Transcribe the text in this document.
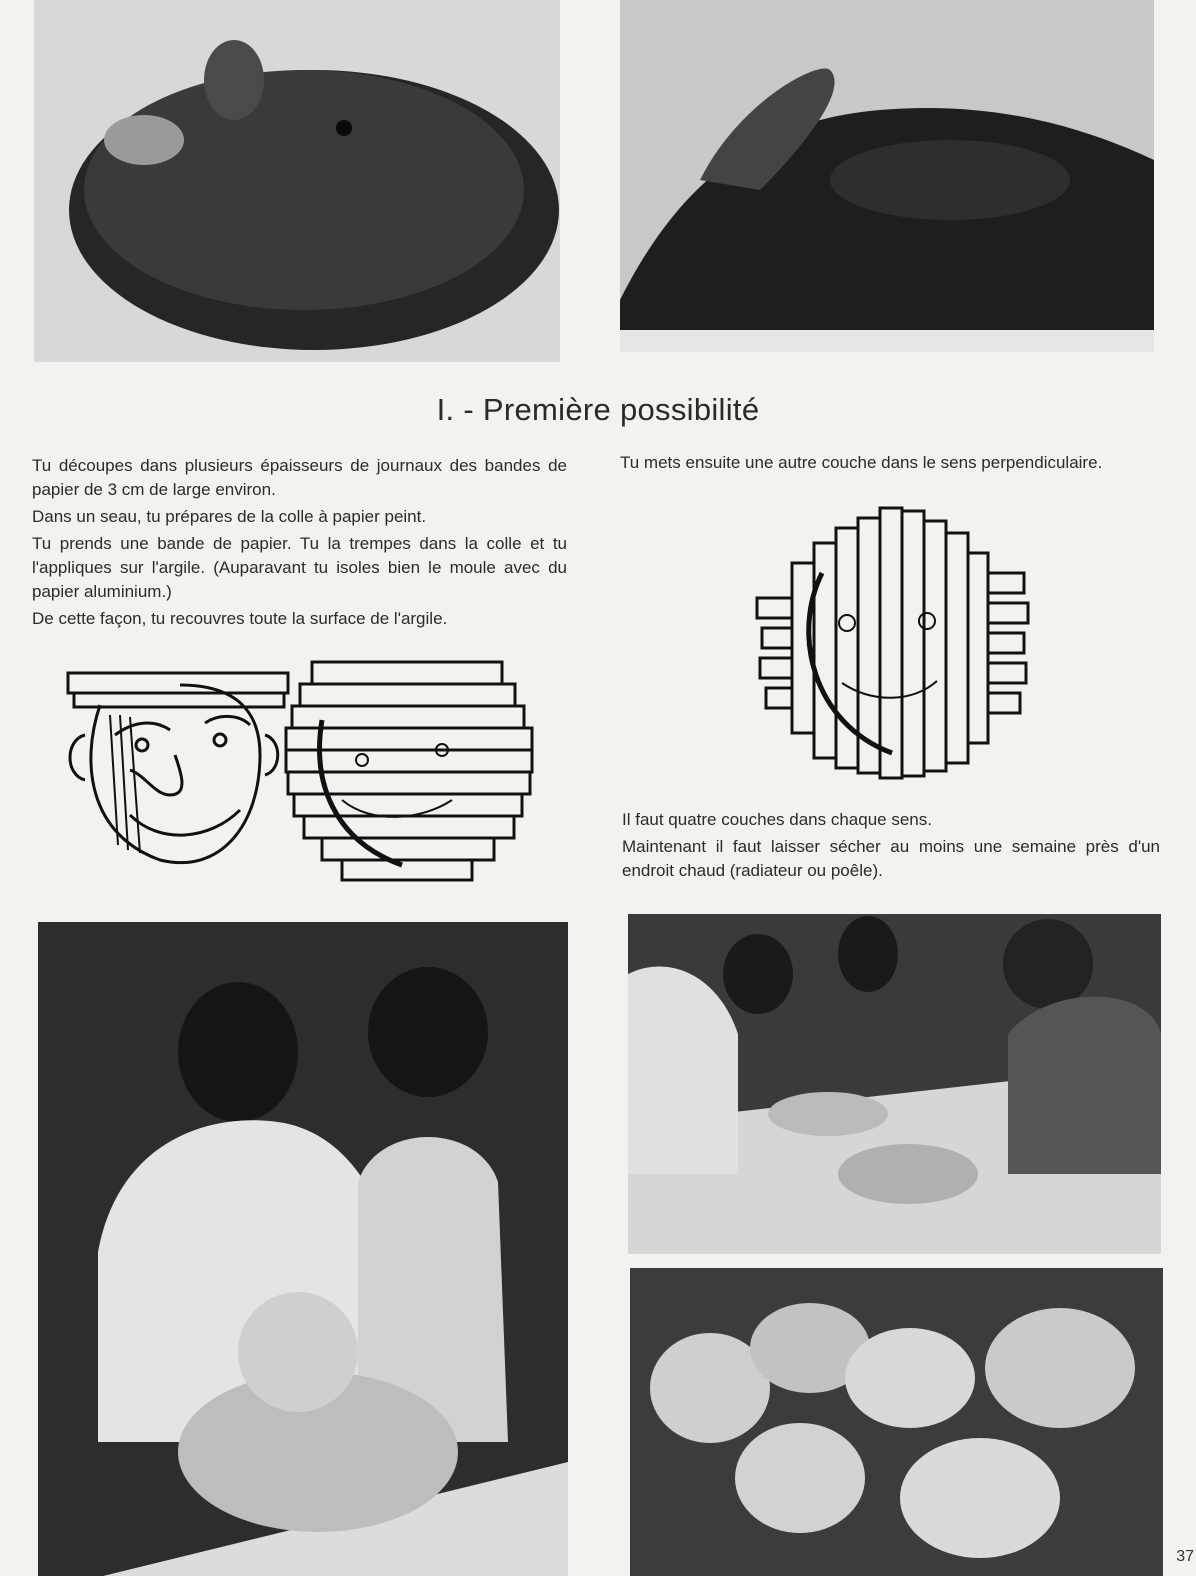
I. - Première possibilité

Tu découpes dans plusieurs épaisseurs de journaux des bandes de papier de 3 cm de large environ.

Dans un seau, tu prépares de la colle à papier peint.

Tu prends une bande de papier. Tu la trempes dans la colle et tu l'appliques sur l'argile. (Auparavant tu isoles bien le moule avec du papier aluminium.)

De cette façon, tu recouvres toute la surface de l'argile.

Tu mets ensuite une autre couche dans le sens perpendiculaire.

Il faut quatre couches dans chaque sens.

Maintenant il faut laisser sécher au moins une semaine près d'un endroit chaud (radiateur ou poêle).

37
